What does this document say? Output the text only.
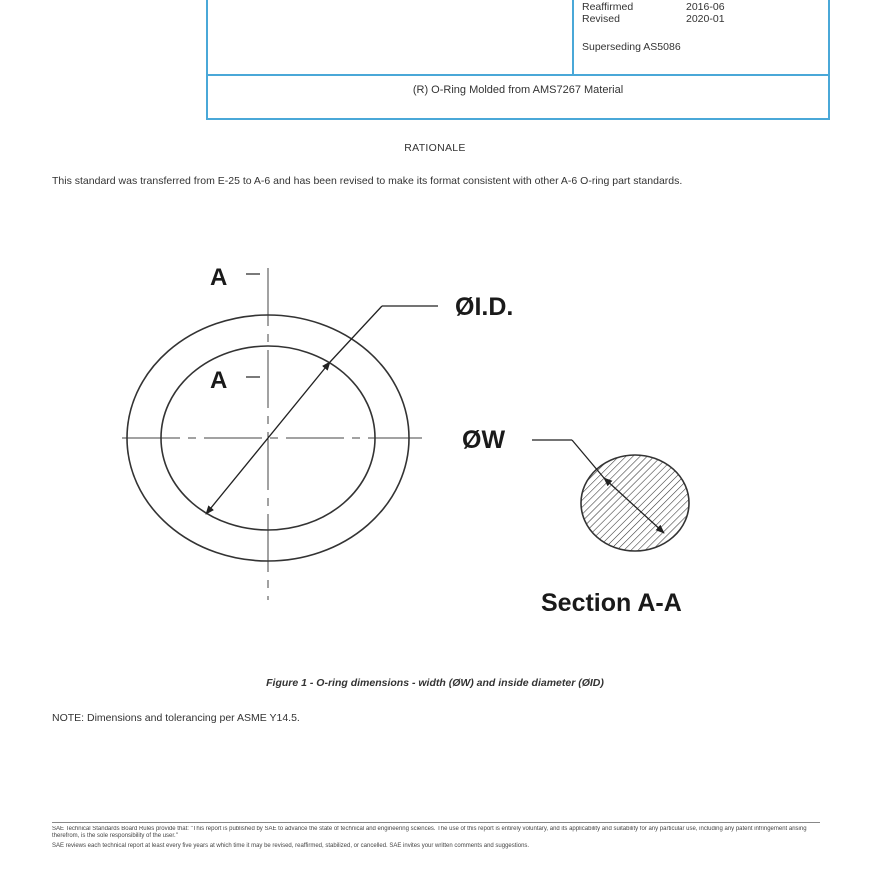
Reaffirmed	2016-06
Revised	2020-01
Superseding AS5086
(R) O-Ring Molded from AMS7267 Material
RATIONALE
This standard was transferred from E-25 to A-6 and has been revised to make its format consistent with other A-6 O-ring part standards.
A
A
ØI.D.
ØW
Section A-A
Figure 1 - O-ring dimensions - width (ØW) and inside diameter (ØID)
NOTE: Dimensions and tolerancing per ASME Y14.5.

SAE Technical Standards Board Rules provide that: "This report is published by SAE to advance the state of technical and engineering sciences. The use of this report is entirely voluntary, and its applicability and suitability for any particular use, including any patent infringement arising therefrom, is the sole responsibility of the user."

SAE reviews each technical report at least every five years at which time it may be revised, reaffirmed, stabilized, or cancelled. SAE invites your written comments and suggestions.
